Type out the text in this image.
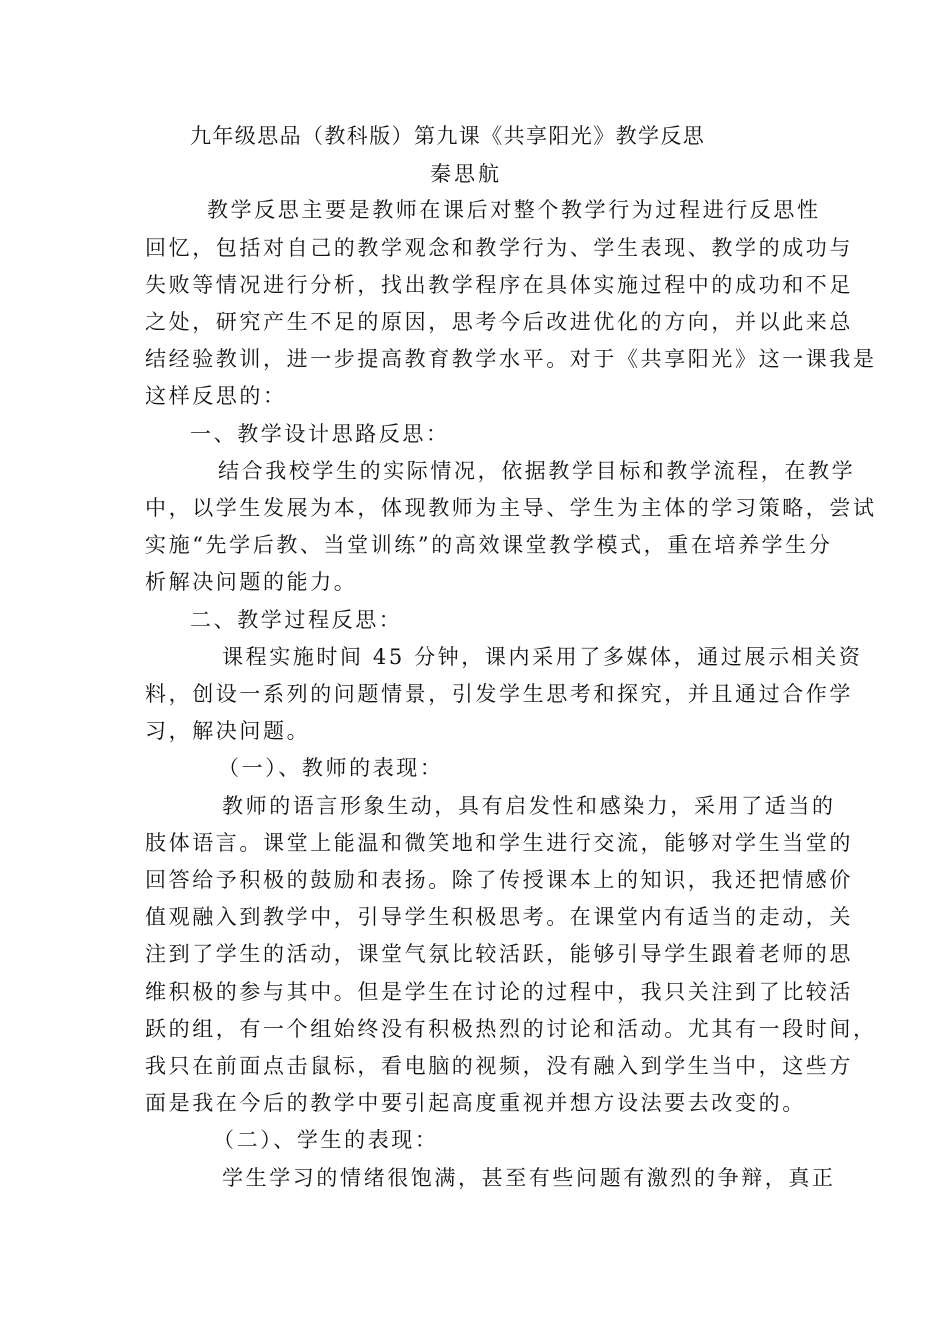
九年级思品（教科版）第九课《共享阳光》教学反思
秦思航
教学反思主要是教师在课后对整个教学行为过程进行反思性
回忆，包括对自己的教学观念和教学行为、学生表现、教学的成功与
失败等情况进行分析，找出教学程序在具体实施过程中的成功和不足
之处，研究产生不足的原因，思考今后改进优化的方向，并以此来总
结经验教训，进一步提高教育教学水平。对于《共享阳光》这一课我是
这样反思的：
一、教学设计思路反思：
结合我校学生的实际情况，依据教学目标和教学流程，在教学
中，以学生发展为本，体现教师为主导、学生为主体的学习策略，尝试
实施“先学后教、当堂训练”的高效课堂教学模式，重在培养学生分
析解决问题的能力。
二、教学过程反思：
课程实施时间 45 分钟，课内采用了多媒体，通过展示相关资
料，创设一系列的问题情景，引发学生思考和探究，并且通过合作学
习，解决问题。
（一）、教师的表现：
教师的语言形象生动，具有启发性和感染力，采用了适当的
肢体语言。课堂上能温和微笑地和学生进行交流，能够对学生当堂的
回答给予积极的鼓励和表扬。除了传授课本上的知识，我还把情感价
值观融入到教学中，引导学生积极思考。在课堂内有适当的走动，关
注到了学生的活动，课堂气氛比较活跃，能够引导学生跟着老师的思
维积极的参与其中。但是学生在讨论的过程中，我只关注到了比较活
跃的组，有一个组始终没有积极热烈的讨论和活动。尤其有一段时间，
我只在前面点击鼠标，看电脑的视频，没有融入到学生当中，这些方
面是我在今后的教学中要引起高度重视并想方设法要去改变的。
（二）、学生的表现：
学生学习的情绪很饱满，甚至有些问题有激烈的争辩，真正
